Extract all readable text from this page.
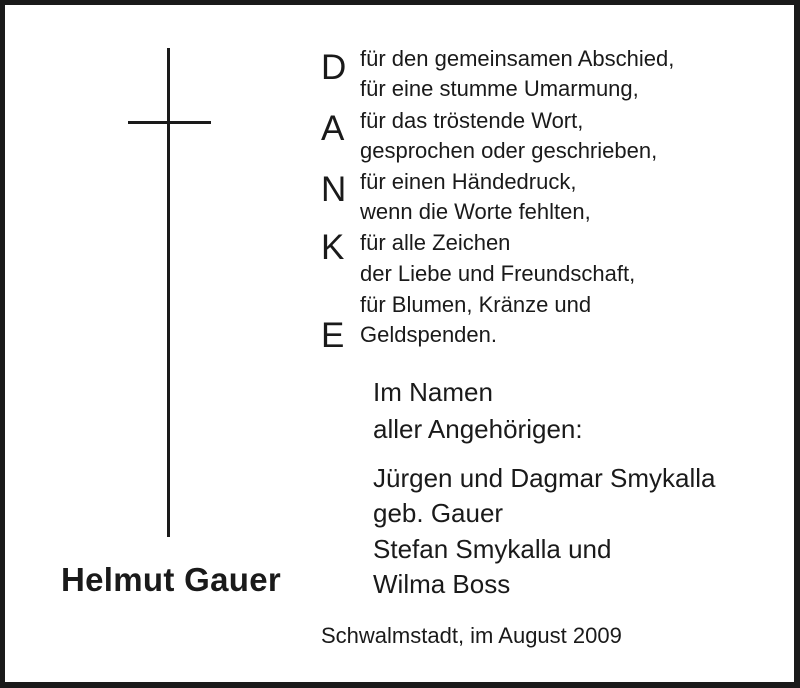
D
A
N
K
E
für den gemeinsamen Abschied,
für eine stumme Umarmung,
für das tröstende Wort,
gesprochen oder geschrieben,
für einen Händedruck,
wenn die Worte fehlten,
für alle Zeichen
der Liebe und Freundschaft,
für Blumen, Kränze und
Geldspenden.
Im Namen
aller Angehörigen:
Jürgen und Dagmar Smykalla
geb. Gauer
Stefan Smykalla und
Wilma Boss
Helmut Gauer
Schwalmstadt, im August 2009
